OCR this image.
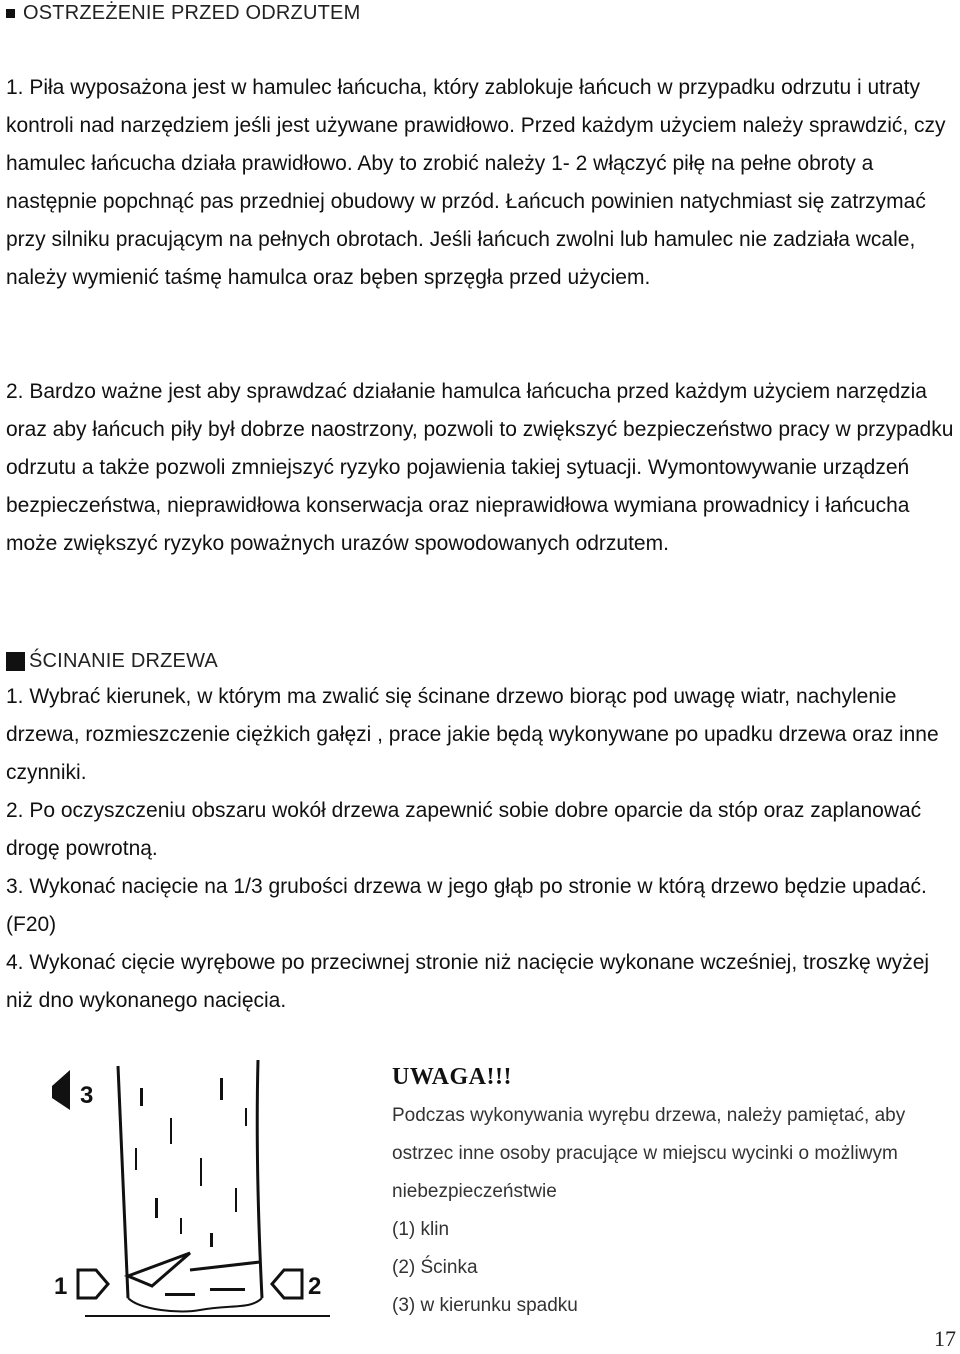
OSTRZEŻENIE PRZED ODRZUTEM

1. Piła wyposażona jest w hamulec łańcucha, który zablokuje łańcuch w przypadku odrzutu i utraty kontroli nad narzędziem jeśli jest używane prawidłowo. Przed każdym użyciem należy sprawdzić, czy hamulec łańcucha działa prawidłowo. Aby to zrobić należy 1- 2 włączyć piłę na pełne obroty a następnie popchnąć pas przedniej obudowy w przód. Łańcuch powinien natychmiast się zatrzymać przy silniku pracującym na pełnych obrotach. Jeśli łańcuch zwolni lub hamulec nie zadziała wcale, należy wymienić taśmę hamulca oraz bęben sprzęgła przed użyciem.

2. Bardzo ważne jest aby sprawdzać działanie hamulca łańcucha przed każdym użyciem narzędzia oraz aby łańcuch piły był dobrze naostrzony, pozwoli to zwiększyć bezpieczeństwo pracy w przypadku odrzutu a także pozwoli zmniejszyć ryzyko pojawienia takiej sytuacji. Wymontowywanie urządzeń bezpieczeństwa, nieprawidłowa konserwacja oraz nieprawidłowa wymiana prowadnicy i łańcucha może zwiększyć ryzyko poważnych urazów spowodowanych odrzutem.

ŚCINANIE DRZEWA

1. Wybrać kierunek, w którym ma zwalić się ścinane drzewo biorąc pod uwagę wiatr, nachylenie drzewa, rozmieszczenie ciężkich gałęzi , prace jakie będą wykonywane po upadku drzewa oraz inne czynniki.

2. Po oczyszczeniu obszaru wokół drzewa zapewnić sobie dobre oparcie da stóp oraz zaplanować drogę powrotną.

3. Wykonać nacięcie na 1/3 grubości drzewa w jego głąb po stronie w którą drzewo będzie upadać. (F20)

4. Wykonać cięcie wyrębowe po przeciwnej stronie niż nacięcie wykonane wcześniej, troszkę wyżej niż dno wykonanego nacięcia.

3
1	2
UWAGA!!!

Podczas wykonywania wyrębu drzewa, należy pamiętać, aby ostrzec inne osoby pracujące w miejscu wycinki o możliwym niebezpieczeństwie

(1) klin
(2) Ścinka
(3) w kierunku spadku
17
